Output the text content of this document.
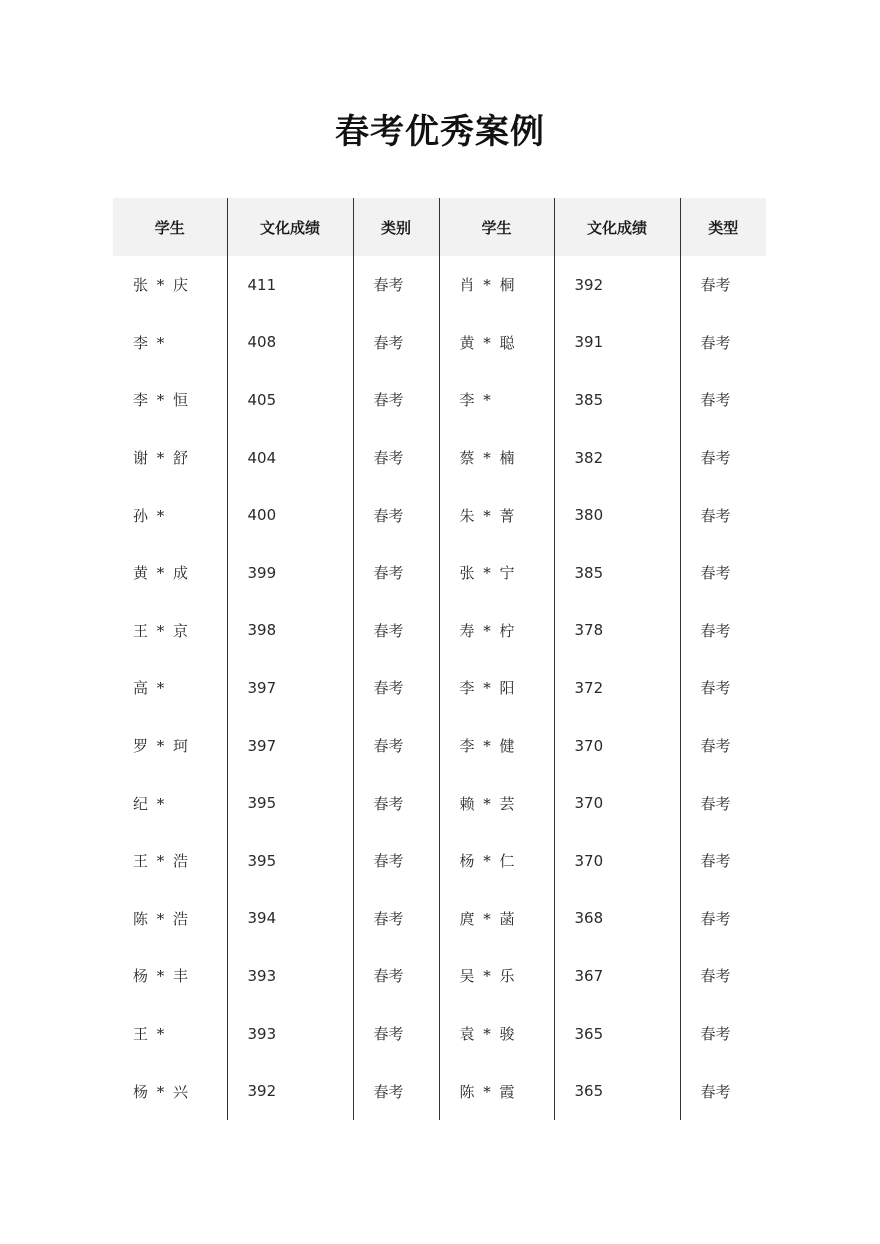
春考优秀案例
学生	文化成绩	类别	学生	文化成绩	类型
张 * 庆	411	春考	肖 * 桐	392	春考
李 *	408	春考	黄 * 聪	391	春考
李 * 恒	405	春考	李 *	385	春考
谢 * 舒	404	春考	蔡 * 楠	382	春考
孙 *	400	春考	朱 * 菁	380	春考
黄 * 成	399	春考	张 * 宁	385	春考
王 * 京	398	春考	寿 * 柠	378	春考
高 *	397	春考	李 * 阳	372	春考
罗 * 珂	397	春考	李 * 健	370	春考
纪 *	395	春考	赖 * 芸	370	春考
王 * 浩	395	春考	杨 * 仁	370	春考
陈 * 浩	394	春考	庹 * 菡	368	春考
杨 * 丰	393	春考	吴 * 乐	367	春考
王 *	393	春考	袁 * 骏	365	春考
杨 * 兴	392	春考	陈 * 霞	365	春考
